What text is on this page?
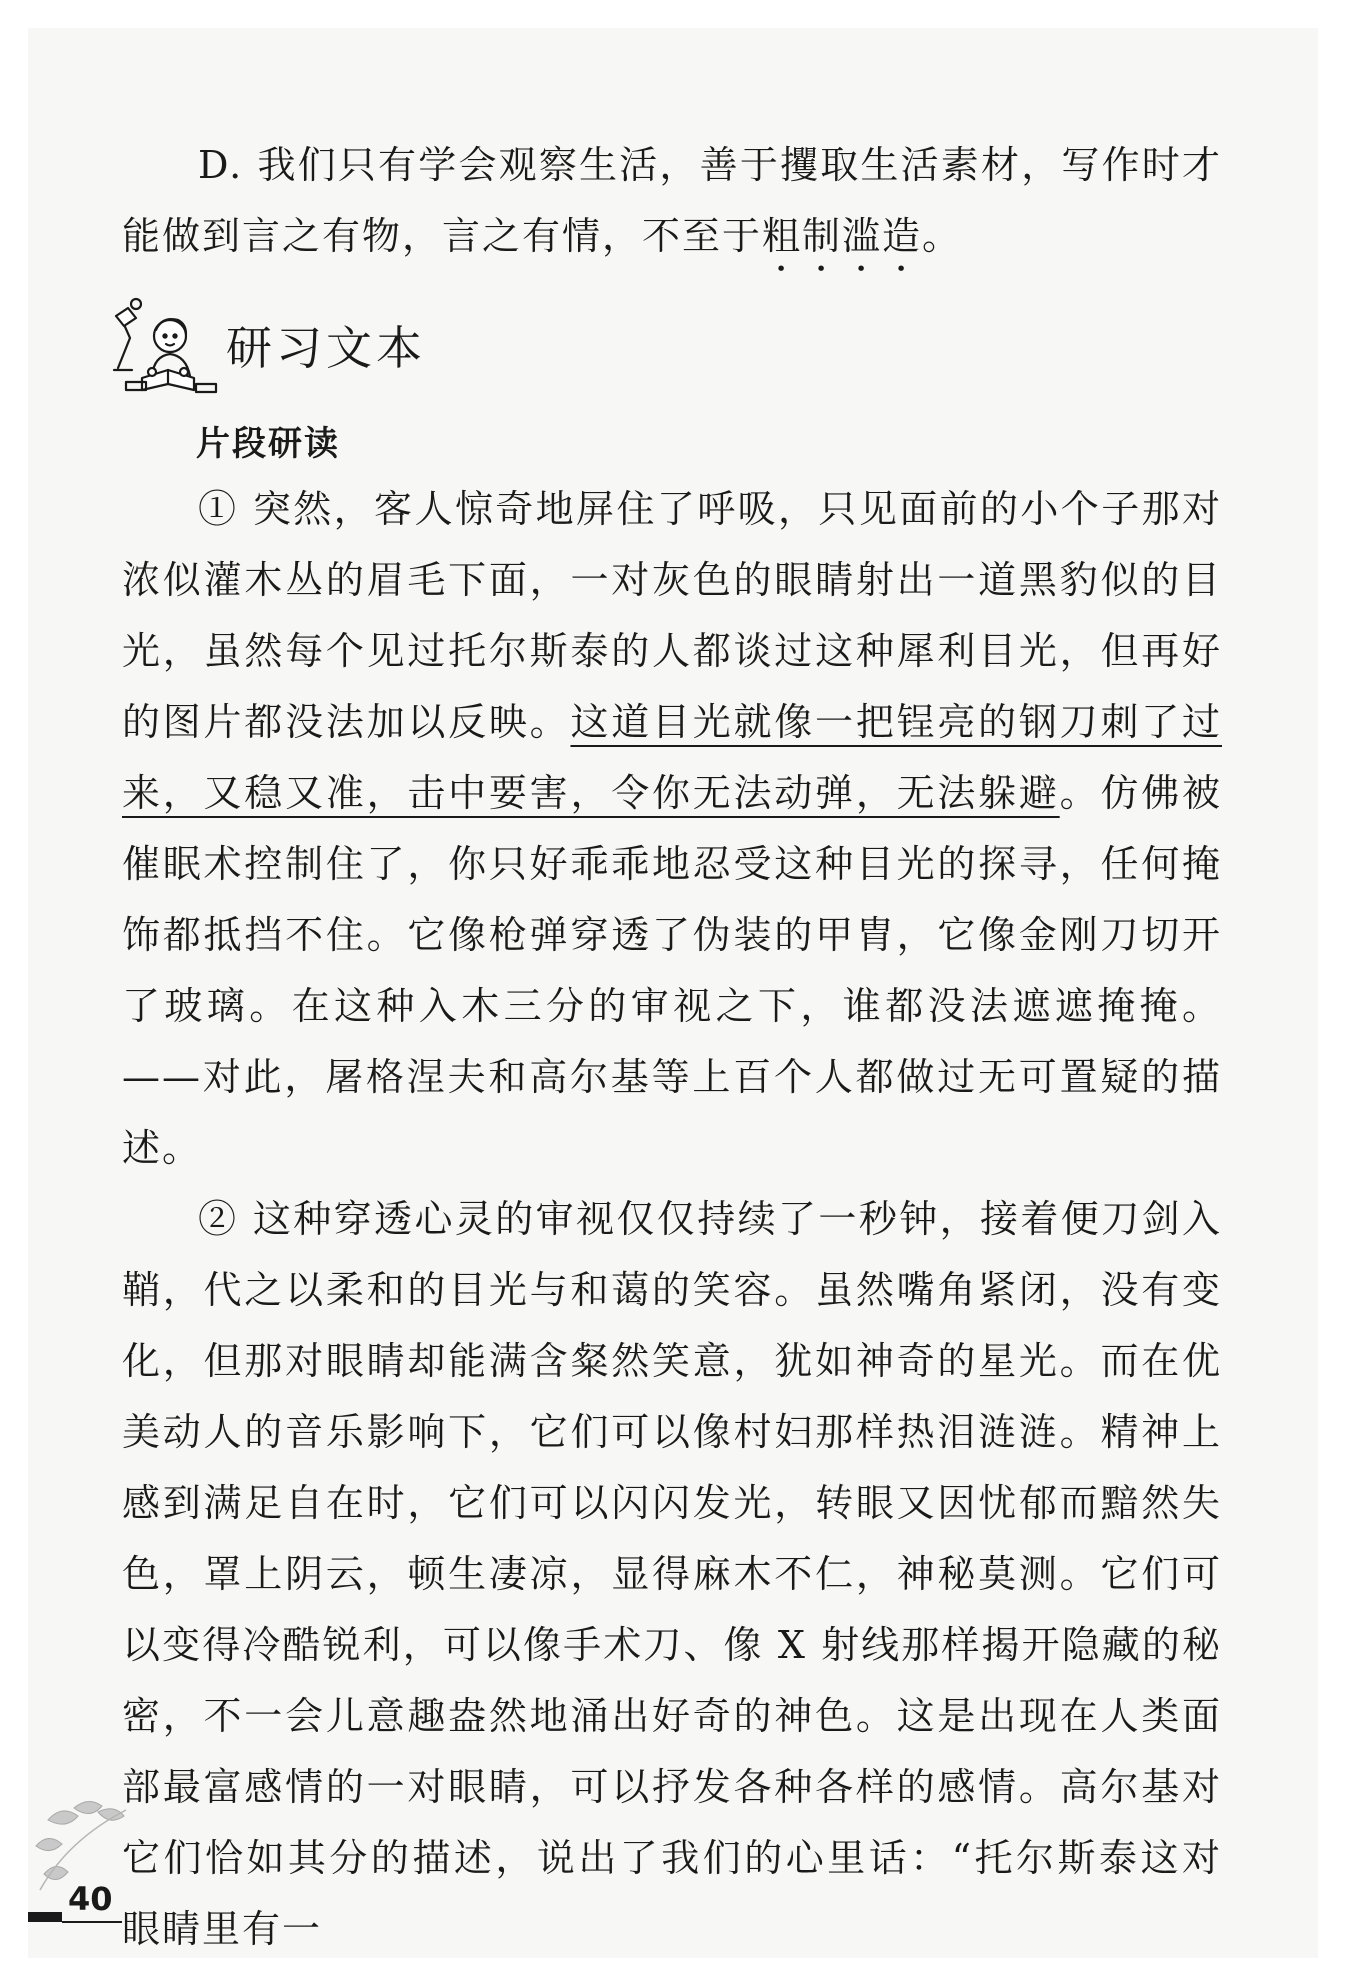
D. 我们只有学会观察生活，善于攫取生活素材，写作时才能做到言之有物，言之有情，不至于粗制滥造。

研习文本
片段研读

① 突然，客人惊奇地屏住了呼吸，只见面前的小个子那对浓似灌木丛的眉毛下面，一对灰色的眼睛射出一道黑豹似的目光，虽然每个见过托尔斯泰的人都谈过这种犀利目光，但再好的图片都没法加以反映。这道目光就像一把锃亮的钢刀刺了过来，又稳又准，击中要害，令你无法动弹，无法躲避。仿佛被催眠术控制住了，你只好乖乖地忍受这种目光的探寻，任何掩饰都抵挡不住。它像枪弹穿透了伪装的甲胄，它像金刚刀切开了玻璃。在这种入木三分的审视之下，谁都没法遮遮掩掩。——对此，屠格涅夫和高尔基等上百个人都做过无可置疑的描述。

② 这种穿透心灵的审视仅仅持续了一秒钟，接着便刀剑入鞘，代之以柔和的目光与和蔼的笑容。虽然嘴角紧闭，没有变化，但那对眼睛却能满含粲然笑意，犹如神奇的星光。而在优美动人的音乐影响下，它们可以像村妇那样热泪涟涟。精神上感到满足自在时，它们可以闪闪发光，转眼又因忧郁而黯然失色，罩上阴云，顿生凄凉，显得麻木不仁，神秘莫测。它们可以变得冷酷锐利，可以像手术刀、像 X 射线那样揭开隐藏的秘密，不一会儿意趣盎然地涌出好奇的神色。这是出现在人类面部最富感情的一对眼睛，可以抒发各种各样的感情。高尔基对它们恰如其分的描述，说出了我们的心里话：“托尔斯泰这对眼睛里有一

40
